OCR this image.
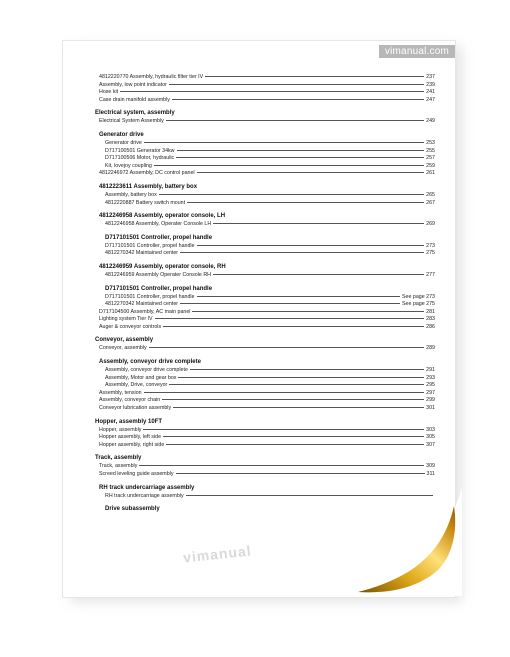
vimanual.com
4812220770 Assembly, hydraulic filter tier IV	237
Assembly, low point indicator	239
Hose kit	241
Case drain manifold assembly	247
Electrical system, assembly
Electrical System Assembly	249
Generator drive
Generator drive	253
D717100501 Generator 34kw	255
D717100506 Motor, hydraulic	257
Kit, lovejoy coupling	259
4812246972 Assembly, DC control panel	261
4812223611 Assembly, battery box
Assembly, battery box	265
4812220887 Battery switch mount	267
4812246958 Assembly, operator console, LH
4812246958 Assembly, Operater Console LH	269
D717101501 Controller, propel handle
D717101501 Controller, propel handle	273
4812270342 Maintained center	275
4812246959 Assembly, operator console, RH
4812246959 Assembly Operater Console RH	277
D717101501 Controller, propel handle
D717101501 Controller, propel handle	See page 273
4812270342 Maintained center	See page 275
D717104500 Assembly, AC main panel	281
Lighting system Tier IV	283
Auger & conveyor controls	286
Conveyor, assembly
Conveyor, assembly	289
Assembly, conveyor drive complete
Assembly, conveyor drive complete	291
Assembly, Motor and gear box	293
Assembly, Drive, conveyor	295
Assembly, tension	297
Assembly, conveyor chain	299
Conveyor lubrication assembly	301
Hopper, assembly 10FT
Hopper, assembly	303
Hopper assembly, left side	305
Hopper assembly, right side	307
Track, assembly
Track, assembly	309
Screed leveling guide assembly	311
RH track undercarriage assembly
RH track undercarriage assembly
Drive subassembly
vimanual
